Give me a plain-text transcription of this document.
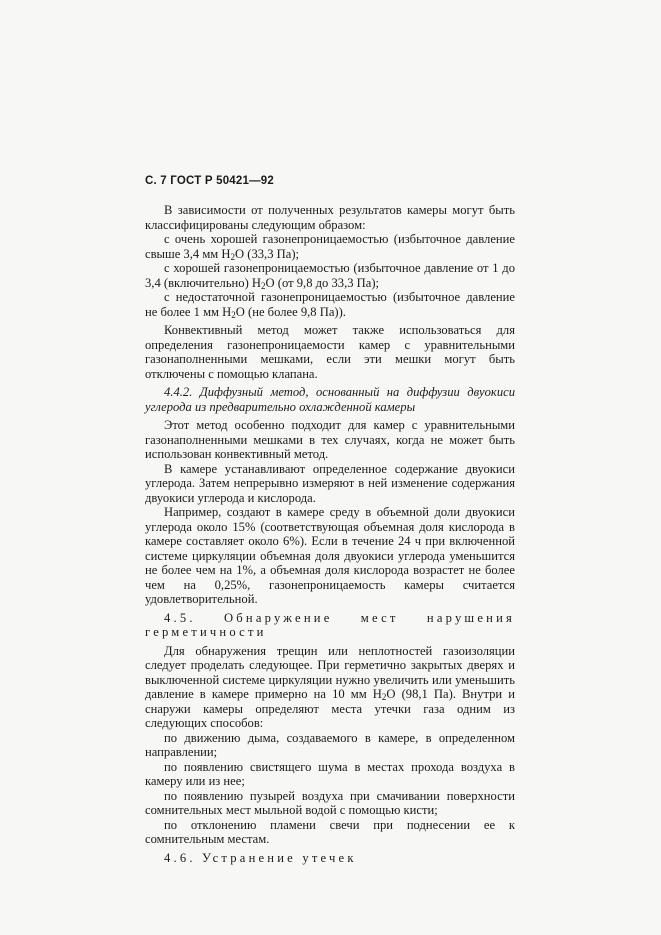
С. 7 ГОСТ Р 50421—92

В зависимости от полученных результатов камеры могут быть классифицированы следующим образом:

с очень хорошей газонепроницаемостью (избыточное давление свыше 3,4 мм $H_2O$ (33,3 Па);

с хорошей газонепроницаемостью (избыточное давление от 1 до 3,4 (включительно) $H_2O$ (от 9,8 до 33,3 Па);

с недостаточной газонепроницаемостью (избыточное давление не более 1 мм $H_2O$ (не более 9,8 Па)).

Конвективный метод может также использоваться для определения газонепроницаемости камер с уравнительными газонаполненными мешками, если эти мешки могут быть отключены с помощью клапана.

4.4.2. Диффузный метод, основанный на диффузии двуокиси углерода из предварительно охлажденной камеры

Этот метод особенно подходит для камер с уравнительными газонаполненными мешками в тех случаях, когда не может быть использован конвективный метод.

В камере устанавливают определенное содержание двуокиси углерода. Затем непрерывно измеряют в ней изменение содержания двуокиси углерода и кислорода.

Например, создают в камере среду в объемной доли двуокиси углерода около 15% (соответствующая объемная доля кислорода в камере составляет около 6%). Если в течение 24 ч при включенной системе циркуляции объемная доля двуокиси углерода уменьшится не более чем на 1%, а объемная доля кислорода возрастет не более чем на 0,25%, газонепроницаемость камеры считается удовлетворительной.

4.5. Обнаружение мест нарушения герметичности

Для обнаружения трещин или неплотностей газоизоляции следует проделать следующее. При герметично закрытых дверях и выключенной системе циркуляции нужно увеличить или уменьшить давление в камере примерно на 10 мм $H_2O$ (98,1 Па). Внутри и снаружи камеры определяют места утечки газа одним из следующих способов:

по движению дыма, создаваемого в камере, в определенном направлении;

по появлению свистящего шума в местах прохода воздуха в камеру или из нее;

по появлению пузырей воздуха при смачивании поверхности сомнительных мест мыльной водой с помощью кисти;

по отклонению пламени свечи при поднесении ее к сомнительным местам.

4.6. Устранение утечек
